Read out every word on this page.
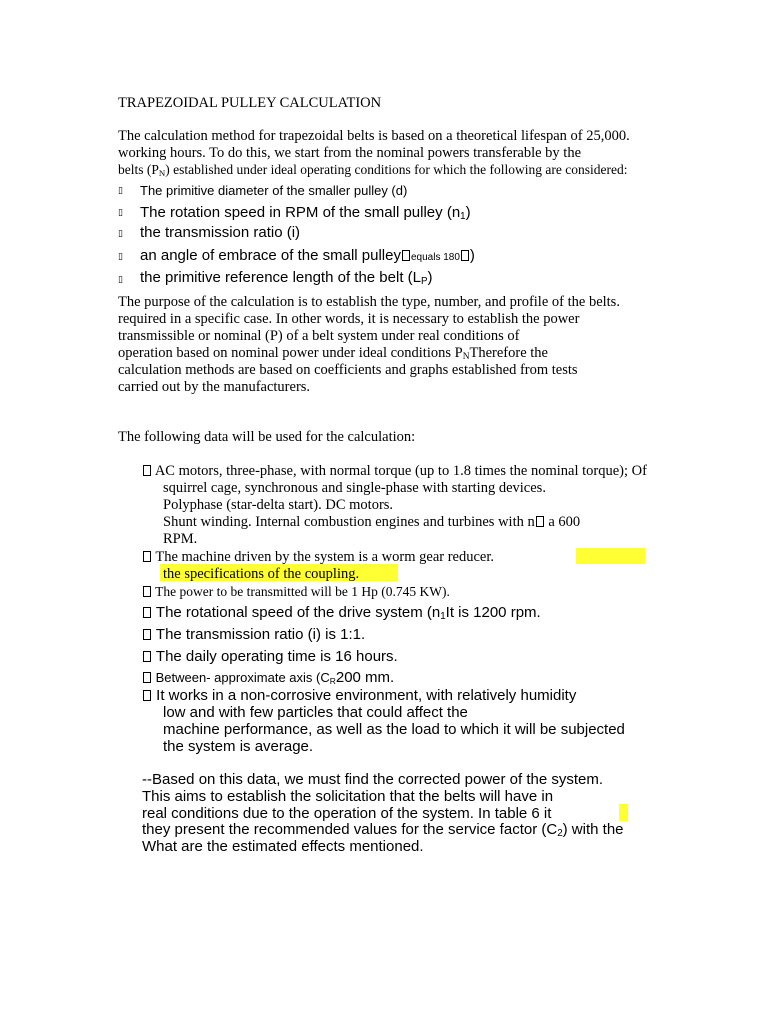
TRAPEZOIDAL PULLEY CALCULATION
The calculation method for trapezoidal belts is based on a theoretical lifespan of 25,000.
working hours. To do this, we start from the nominal powers transferable by the
belts $(P_N)$ established under ideal operating conditions for which the following are considered:
▯ The primitive diameter of the smaller pulley (d)
▯ The rotation speed in RPM of the small pulley $(n_1)$
▯ the transmission ratio (i)
▯ an angle of embrace of the small pulley equals 180 )
▯ the primitive reference length of the belt $(L_P)$
The purpose of the calculation is to establish the type, number, and profile of the belts.
required in a specific case. In other words, it is necessary to establish the power
transmissible or nominal (P) of a belt system under real conditions of
operation based on nominal power under ideal conditions $P_NTherefore$ the
calculation methods are based on coefficients and graphs established from tests
carried out by the manufacturers.
The following data will be used for the calculation:
AC motors, three-phase, with normal torque (up to 1.8 times the nominal torque); Of
squirrel cage, synchronous and single-phase with starting devices.
Polyphase (star-delta start). DC motors.
Shunt winding. Internal combustion engines and turbines with n a 600
RPM.
The machine driven by the system is a worm gear reducer.
the specifications of the coupling.
The power to be transmitted will be 1 Hp (0.745 KW).
The rotational speed of the drive system ($n_1It$ is 1200 rpm.
The transmission ratio (i) is 1:1.
The daily operating time is 16 hours.
Between- approximate axis ($C_R200$ mm.
It works in a non-corrosive environment, with relatively humidity
low and with few particles that could affect the
machine performance, as well as the load to which it will be subjected
the system is average.
--Based on this data, we must find the corrected power of the system.
This aims to establish the solicitation that the belts will have in
real conditions due to the operation of the system. In table 6 it
they present the recommended values for the service factor $(C_2)$ with the
What are the estimated effects mentioned.
